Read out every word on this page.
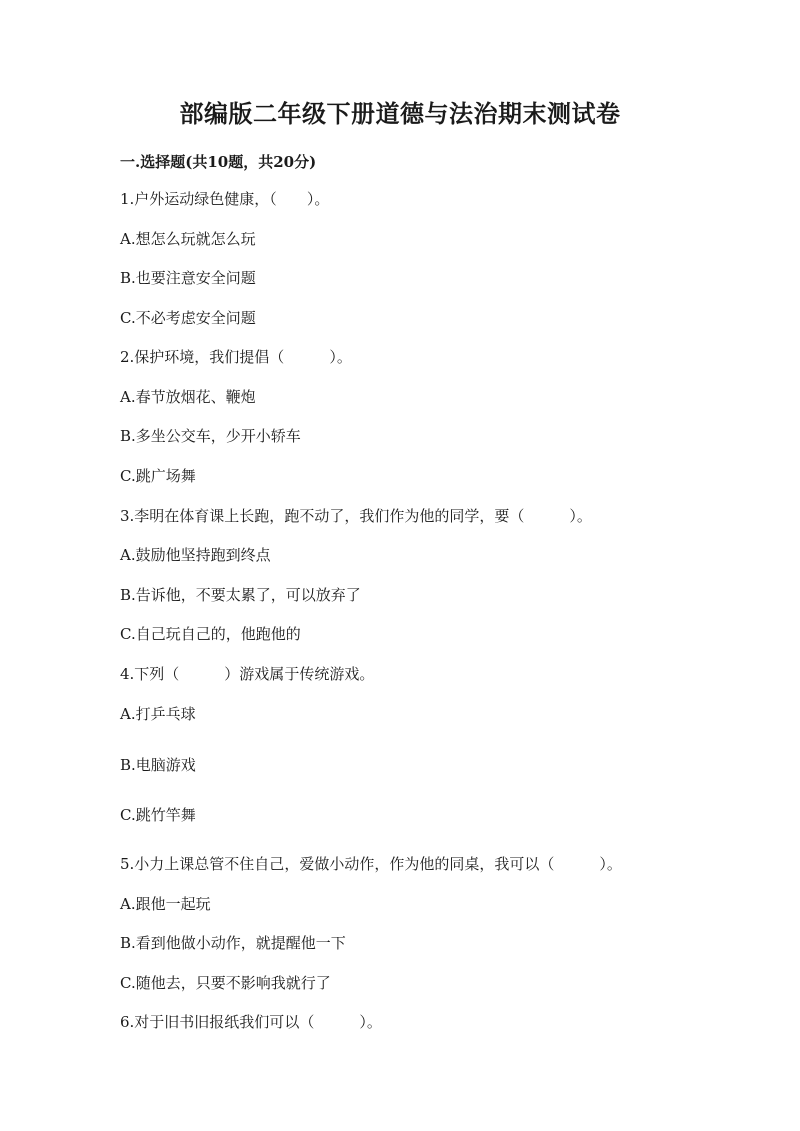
部编版二年级下册道德与法治期末测试卷
一.选择题(共10题，共20分)
1.户外运动绿色健康，（　　）。
A.想怎么玩就怎么玩
B.也要注意安全问题
C.不必考虑安全问题
2.保护环境，我们提倡（　　　）。
A.春节放烟花、鞭炮
B.多坐公交车，少开小轿车
C.跳广场舞
3.李明在体育课上长跑，跑不动了，我们作为他的同学，要（　　　）。
A.鼓励他坚持跑到终点
B.告诉他，不要太累了，可以放弃了
C.自己玩自己的，他跑他的
4.下列（　　　）游戏属于传统游戏。
A.打乒乓球
B.电脑游戏
C.跳竹竿舞
5.小力上课总管不住自己，爱做小动作，作为他的同桌，我可以（　　　）。
A.跟他一起玩
B.看到他做小动作，就提醒他一下
C.随他去，只要不影响我就行了
6.对于旧书旧报纸我们可以（　　　）。
